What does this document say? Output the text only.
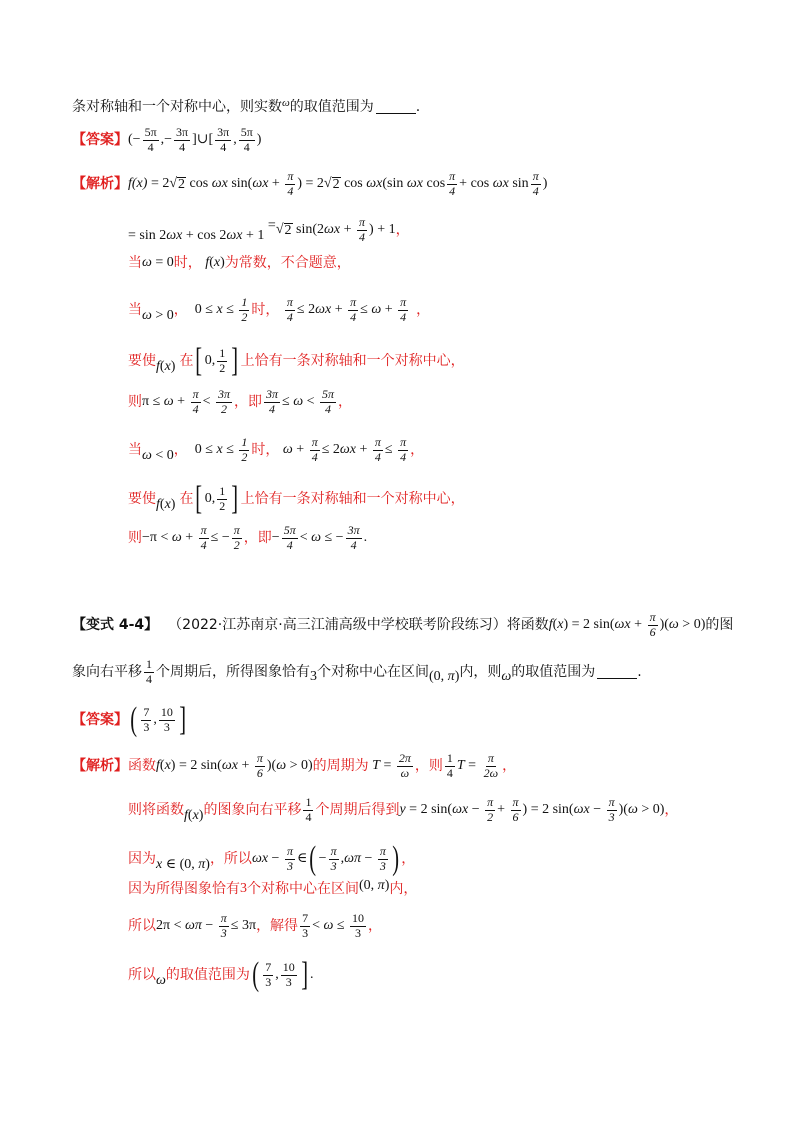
条对称轴和一个对称中心，则实数 ω 的取值范围为	.
【答案】 (− $\frac{5\pi}{4}$ ,− $\frac{3\pi}{4}$ ]∪[ $\frac{3\pi}{4}$ , $\frac{5\pi}{4}$ )
【解析】 f(x) = 2 √ 2 cos ωx sin( $\omega x + \frac{\pi}{4}$ ) = 2 √ 2 cos ωx (sin ωx $\cos \frac{\pi}{4} + \cos \omega x$ $\sin \frac{\pi}{4}$ )
= sin 2 ωx + cos 2 ωx + 1
= √ 2 sin(2 $\omega x + \frac{\pi}{4}$ ) + 1 ，
当 ω = 0 时， f ( x ) 为常数，不合题意，
当 ω > 0 ，
$0 \le x \le \frac{1}{2}$ 时，
$\frac{\pi}{4} \le 2$ $\omega x + \frac{\pi}{4} \le \omega + \frac{\pi}{4}$ ，
要使 f ( x ) 在 [ 0, $\frac{1}{2}$ ] 上恰有一条对称轴和一个对称中心，
则 $\pi \le \omega + \frac{\pi}{4} < \frac{3\pi}{2}$ ，即 $\frac{3\pi}{4} \le \omega < \frac{5\pi}{4}$ ，
当 ω < 0 ，
$0 \le x \le \frac{1}{2}$ 时， $\omega + \frac{\pi}{4} \le 2$ $\omega x + \frac{\pi}{4} \le \frac{\pi}{4}$ ，
要使 f ( x ) 在 [ 0, $\frac{1}{2}$ ] 上恰有一条对称轴和一个对称中心，
则 $-\pi < \omega + \frac{\pi}{4}$ ≤ − $\frac{\pi}{2}$ ，即 − $\frac{5\pi}{4} < \omega$ ≤ − $\frac{3\pi}{4}$ .
【变式 4-4】 （2022·江苏南京·高三江浦高级中学校联考阶段练习）将函数 f ( x ) = 2 sin( $\omega x + \frac{\pi}{6}$ )( ω > 0) 的图
象向右平移 $\frac{1}{4}$ 个周期后，所得图象恰有 3 个对称中心在区间 (0, π ) 内，则 ω 的取值范围为	.
【答案】 ( $\frac{7}{3}$ , $\frac{10}{3}$ ]
【解析】 函数 f ( x ) = 2 sin( $\omega x + \frac{\pi}{6}$ )( ω > 0) 的周期为 $T = \frac{2\pi}{\omega}$ ，则 $\frac{1}{4}$ $T = \frac{\pi}{2\omega}$ ，
则将函数 f ( x ) 的图象向右平移 $\frac{1}{4}$ 个周期后得到 y = 2 sin( $\omega x - \frac{\pi}{2} + \frac{\pi}{6}$ ) = 2 sin( $\omega x - \frac{\pi}{3}$ )( ω > 0) ，
因为 x ∈ (0, π ) ，所以 $\omega x - \frac{\pi}{3}$ ∈ ( − $\frac{\pi}{3}$ , $\omega\pi - \frac{\pi}{3}$ ) ，
因为所得图象恰有 3 个对称中心在区间 (0, π ) 内，
所以 $2\pi < \omega\pi - \frac{\pi}{3} \le 3\pi$ ，解得 $\frac{7}{3} < \omega \le \frac{10}{3}$ ，
所以 ω 的取值范围为 ( $\frac{7}{3}$ , $\frac{10}{3}$ ] .
